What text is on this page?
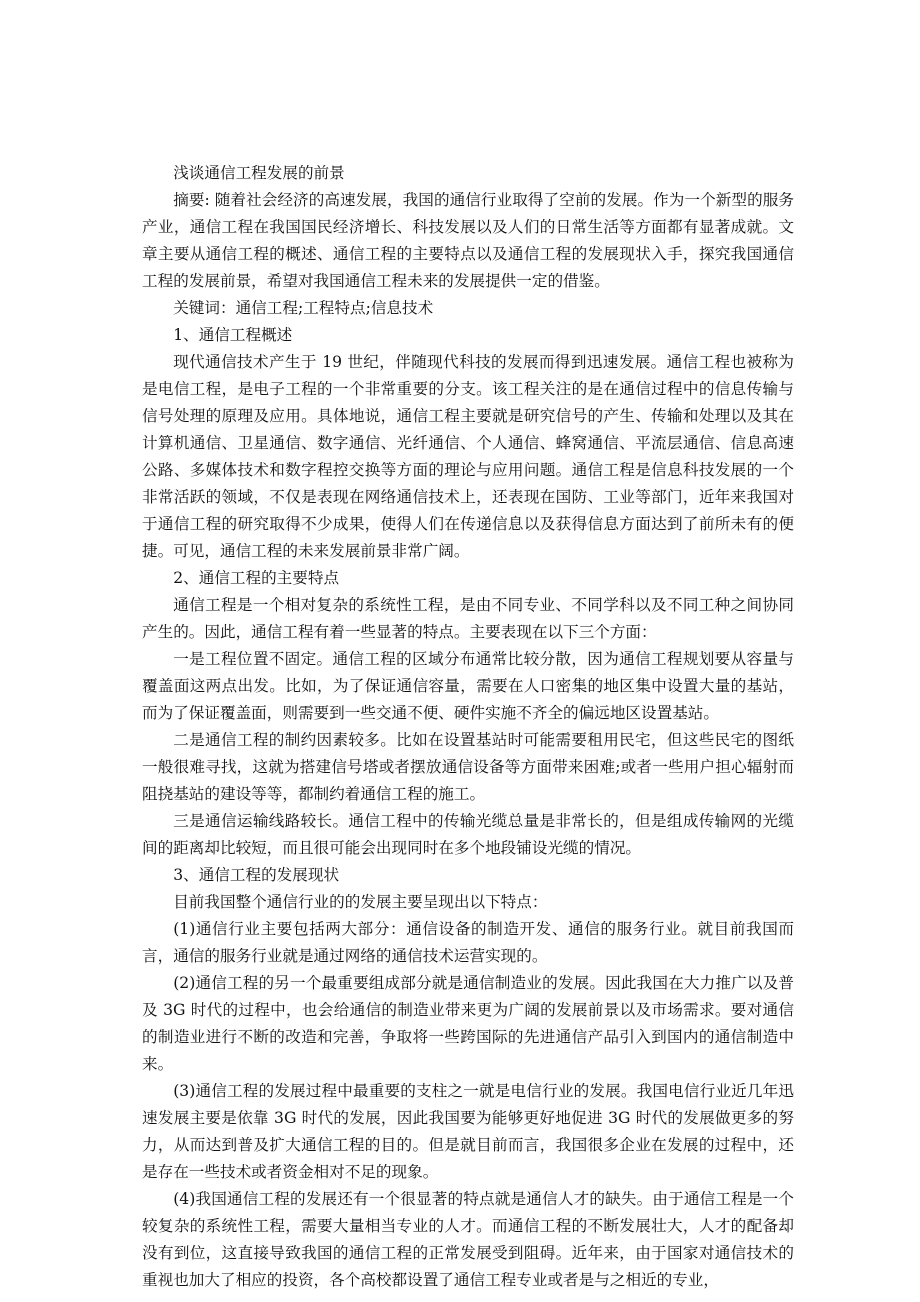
浅谈通信工程发展的前景

摘要: 随着社会经济的高速发展，我国的通信行业取得了空前的发展。作为一个新型的服务产业，通信工程在我国国民经济增长、科技发展以及人们的日常生活等方面都有显著成就。文章主要从通信工程的概述、通信工程的主要特点以及通信工程的发展现状入手，探究我国通信工程的发展前景，希望对我国通信工程未来的发展提供一定的借鉴。

关键词：通信工程;工程特点;信息技术

1、通信工程概述

现代通信技术产生于 19 世纪，伴随现代科技的发展而得到迅速发展。通信工程也被称为是电信工程，是电子工程的一个非常重要的分支。该工程关注的是在通信过程中的信息传输与信号处理的原理及应用。具体地说，通信工程主要就是研究信号的产生、传输和处理以及其在计算机通信、卫星通信、数字通信、光纤通信、个人通信、蜂窝通信、平流层通信、信息高速公路、多媒体技术和数字程控交换等方面的理论与应用问题。通信工程是信息科技发展的一个非常活跃的领域，不仅是表现在网络通信技术上，还表现在国防、工业等部门，近年来我国对于通信工程的研究取得不少成果，使得人们在传递信息以及获得信息方面达到了前所未有的便捷。可见，通信工程的未来发展前景非常广阔。

2、通信工程的主要特点

通信工程是一个相对复杂的系统性工程，是由不同专业、不同学科以及不同工种之间协同产生的。因此，通信工程有着一些显著的特点。主要表现在以下三个方面：

一是工程位置不固定。通信工程的区域分布通常比较分散，因为通信工程规划要从容量与覆盖面这两点出发。比如，为了保证通信容量，需要在人口密集的地区集中设置大量的基站，而为了保证覆盖面，则需要到一些交通不便、硬件实施不齐全的偏远地区设置基站。

二是通信工程的制约因素较多。比如在设置基站时可能需要租用民宅，但这些民宅的图纸一般很难寻找，这就为搭建信号塔或者摆放通信设备等方面带来困难;或者一些用户担心辐射而阻挠基站的建设等等，都制约着通信工程的施工。

三是通信运输线路较长。通信工程中的传输光缆总量是非常长的，但是组成传输网的光缆间的距离却比较短，而且很可能会出现同时在多个地段铺设光缆的情况。

3、通信工程的发展现状

目前我国整个通信行业的的发展主要呈现出以下特点：

(1)通信行业主要包括两大部分：通信设备的制造开发、通信的服务行业。就目前我国而言，通信的服务行业就是通过网络的通信技术运营实现的。

(2)通信工程的另一个最重要组成部分就是通信制造业的发展。因此我国在大力推广以及普及 3G 时代的过程中，也会给通信的制造业带来更为广阔的发展前景以及市场需求。要对通信的制造业进行不断的改造和完善，争取将一些跨国际的先进通信产品引入到国内的通信制造中来。

(3)通信工程的发展过程中最重要的支柱之一就是电信行业的发展。我国电信行业近几年迅速发展主要是依靠 3G 时代的发展，因此我国要为能够更好地促进 3G 时代的发展做更多的努力，从而达到普及扩大通信工程的目的。但是就目前而言，我国很多企业在发展的过程中，还是存在一些技术或者资金相对不足的现象。

(4)我国通信工程的发展还有一个很显著的特点就是通信人才的缺失。由于通信工程是一个较复杂的系统性工程，需要大量相当专业的人才。而通信工程的不断发展壮大，人才的配备却没有到位，这直接导致我国的通信工程的正常发展受到阻碍。近年来，由于国家对通信技术的重视也加大了相应的投资，各个高校都设置了通信工程专业或者是与之相近的专业，
